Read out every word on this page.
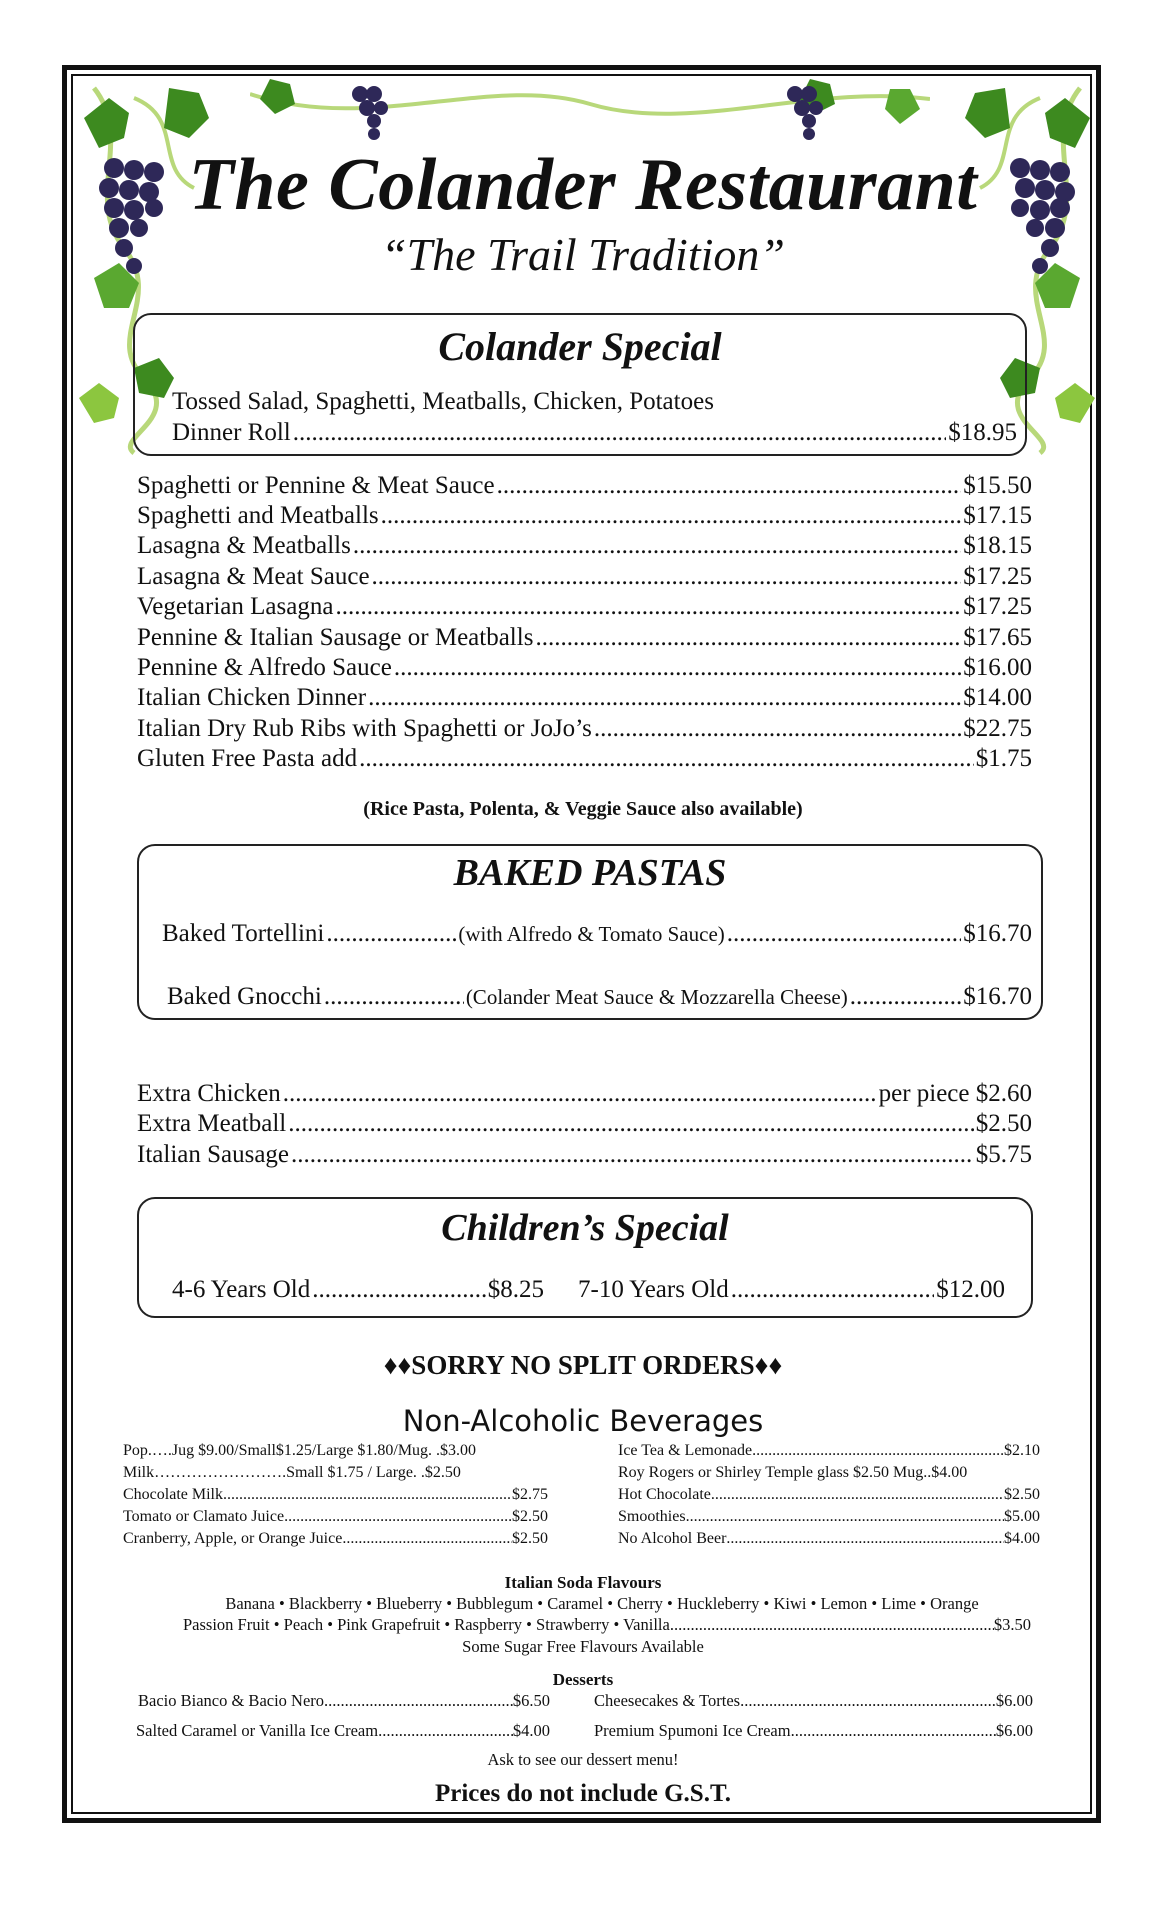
The Colander Restaurant
“The Trail Tradition”
Colander Special
Tossed Salad, Spaghetti, Meatballs, Chicken, Potatoes
Dinner Roll .....	$18.95
Spaghetti or Pennine & Meat Sauce .....	$15.50
Spaghetti and Meatballs .....	$17.15
Lasagna & Meatballs .....	$18.15
Lasagna & Meat Sauce .....	$17.25
Vegetarian Lasagna .....	$17.25
Pennine & Italian Sausage or Meatballs .....	$17.65
Pennine & Alfredo Sauce .....	$16.00
Italian Chicken Dinner .....	$14.00
Italian Dry Rub Ribs with Spaghetti or JoJo’s .....	$22.75
Gluten Free Pasta add .....	$1.75
(Rice Pasta, Polenta, & Veggie Sauce also available)
BAKED PASTAS
Baked Tortellini .....	(with Alfredo & Tomato Sauce) .....	$16.70
Baked Gnocchi .....	(Colander Meat Sauce & Mozzarella Cheese) .....	$16.70
Extra Chicken .....	per piece $2.60
Extra Meatball .....	$2.50
Italian Sausage .....	$5.75
Children’s Special
4-6 Years Old .....	$8.25 7-10 Years Old .....	$12.00
♦♦SORRY NO SPLIT ORDERS♦♦
Non-Alcoholic Beverages
Pop.….Jug $9.00/Small$1.25/Large $1.80/Mug. . $3.00
Milk…………………….Small $1.75 / Large. . $2.50
Chocolate Milk .....	$2.75
Tomato or Clamato Juice .....	$2.50
Cranberry, Apple, or Orange Juice .....	$2.50
Ice Tea & Lemonade .....	$2.10
Roy Rogers or Shirley Temple glass $2.50 Mug.. $4.00
Hot Chocolate .....	$2.50
Smoothies .....	$5.00
No Alcohol Beer .....	$4.00
Italian Soda Flavours
Banana • Blackberry • Blueberry • Bubblegum • Caramel • Cherry • Huckleberry • Kiwi • Lemon • Lime • Orange
Passion Fruit • Peach • Pink Grapefruit • Raspberry • Strawberry • Vanilla .....	$3.50
Some Sugar Free Flavours Available
Desserts
Bacio Bianco & Bacio Nero .....	$6.50
Salted Caramel or Vanilla Ice Cream .....	$4.00
Cheesecakes & Tortes .....	$6.00
Premium Spumoni Ice Cream .....	$6.00
Ask to see our dessert menu!
Prices do not include G.S.T.
